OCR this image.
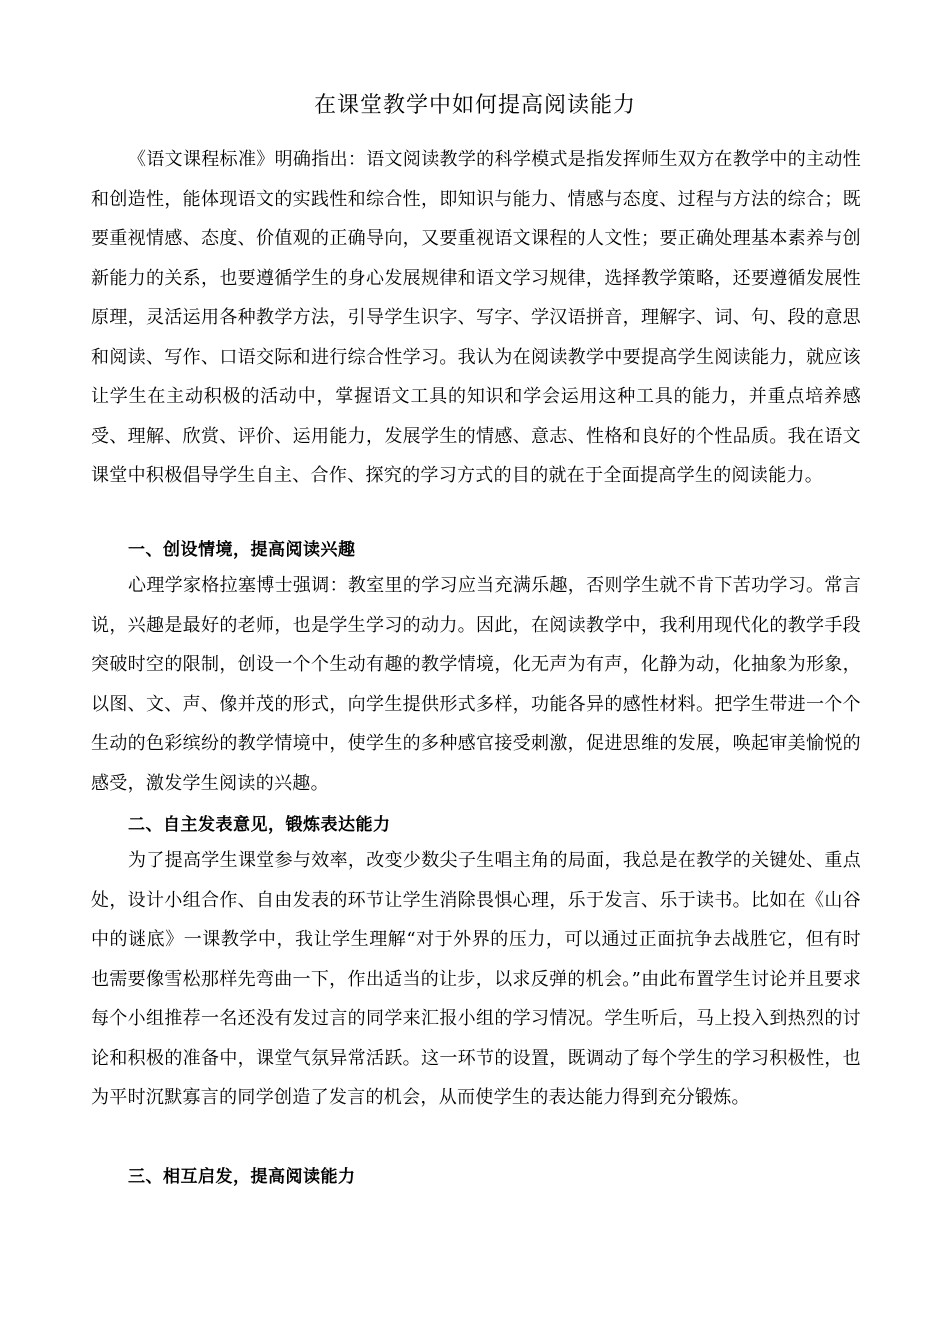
在课堂教学中如何提高阅读能力

《语文课程标准》明确指出：语文阅读教学的科学模式是指发挥师生双方在教学中的主动性和创造性，能体现语文的实践性和综合性，即知识与能力、情感与态度、过程与方法的综合；既要重视情感、态度、价值观的正确导向，又要重视语文课程的人文性；要正确处理基本素养与创新能力的关系，也要遵循学生的身心发展规律和语文学习规律，选择教学策略，还要遵循发展性原理，灵活运用各种教学方法，引导学生识字、写字、学汉语拼音，理解字、词、句、段的意思和阅读、写作、口语交际和进行综合性学习。我认为在阅读教学中要提高学生阅读能力，就应该让学生在主动积极的活动中，掌握语文工具的知识和学会运用这种工具的能力，并重点培养感受、理解、欣赏、评价、运用能力，发展学生的情感、意志、性格和良好的个性品质。我在语文课堂中积极倡导学生自主、合作、探究的学习方式的目的就在于全面提高学生的阅读能力。

一、创设情境，提高阅读兴趣

心理学家格拉塞博士强调：教室里的学习应当充满乐趣，否则学生就不肯下苦功学习。常言说，兴趣是最好的老师，也是学生学习的动力。因此，在阅读教学中，我利用现代化的教学手段突破时空的限制，创设一个个生动有趣的教学情境，化无声为有声，化静为动，化抽象为形象，以图、文、声、像并茂的形式，向学生提供形式多样，功能各异的感性材料。把学生带进一个个生动的色彩缤纷的教学情境中，使学生的多种感官接受刺激，促进思维的发展，唤起审美愉悦的感受，激发学生阅读的兴趣。

二、自主发表意见，锻炼表达能力

为了提高学生课堂参与效率，改变少数尖子生唱主角的局面，我总是在教学的关键处、重点处，设计小组合作、自由发表的环节让学生消除畏惧心理，乐于发言、乐于读书。比如在《山谷中的谜底》一课教学中，我让学生理解“对于外界的压力，可以通过正面抗争去战胜它，但有时也需要像雪松那样先弯曲一下，作出适当的让步，以求反弹的机会。”由此布置学生讨论并且要求每个小组推荐一名还没有发过言的同学来汇报小组的学习情况。学生听后，马上投入到热烈的讨论和积极的准备中，课堂气氛异常活跃。这一环节的设置，既调动了每个学生的学习积极性，也为平时沉默寡言的同学创造了发言的机会，从而使学生的表达能力得到充分锻炼。

三、相互启发，提高阅读能力
